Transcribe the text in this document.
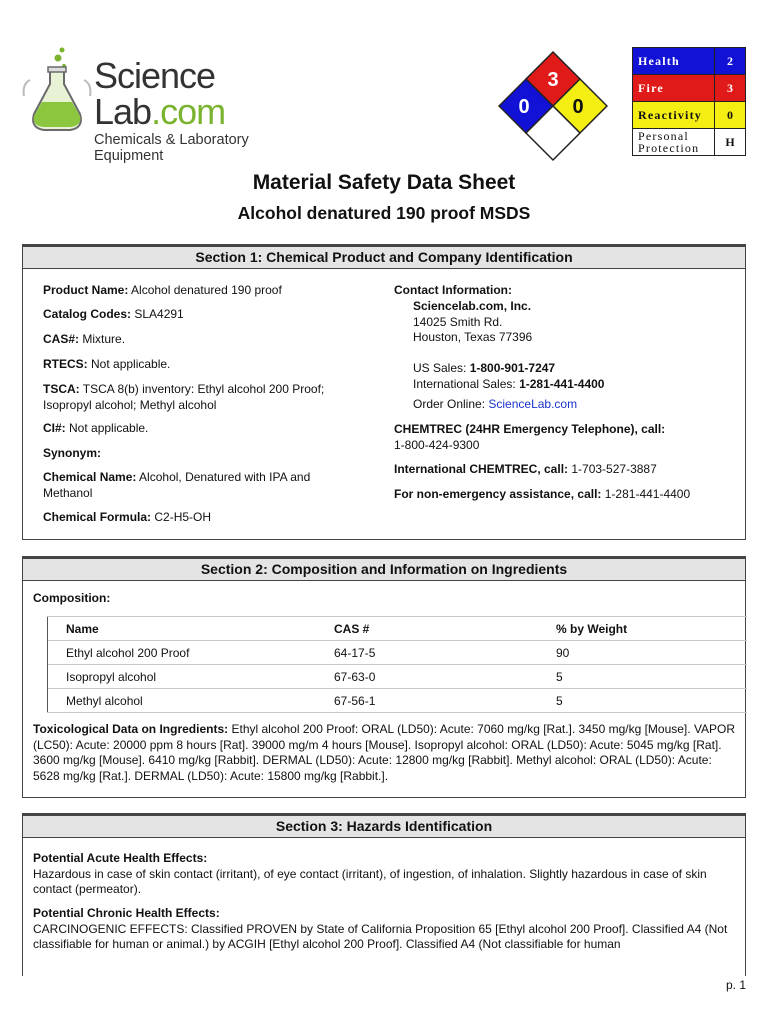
Science Lab.com
Chemicals & Laboratory Equipment
3
0 0
Health	2
Fire	3
Reactivity	0
Personal
Protection	H
Material Safety Data Sheet
Alcohol denatured 190 proof MSDS
Section 1: Chemical Product and Company Identification
Product Name: Alcohol denatured 190 proof
Catalog Codes: SLA4291
CAS#: Mixture.
RTECS: Not applicable.
TSCA: TSCA 8(b) inventory: Ethyl alcohol 200 Proof;
Isopropyl alcohol; Methyl alcohol
CI#: Not applicable.
Synonym:
Chemical Name: Alcohol, Denatured with IPA and
Methanol
Chemical Formula: C2-H5-OH
Contact Information:
Sciencelab.com, Inc.
14025 Smith Rd.
Houston, Texas 77396
US Sales: 1-800-901-7247
International Sales: 1-281-441-4400
Order Online: ScienceLab.com
CHEMTREC (24HR Emergency Telephone), call:
1-800-424-9300
International CHEMTREC, call: 1-703-527-3887
For non-emergency assistance, call: 1-281-441-4400
Section 2: Composition and Information on Ingredients
Composition:
Name	CAS #	% by Weight
Ethyl alcohol 200 Proof	64-17-5	90
Isopropyl alcohol	67-63-0	5
Methyl alcohol	67-56-1	5
Toxicological Data on Ingredients: Ethyl alcohol 200 Proof: ORAL (LD50): Acute: 7060 mg/kg [Rat.]. 3450 mg/kg [Mouse]. VAPOR (LC50): Acute: 20000 ppm 8 hours [Rat]. 39000 mg/m 4 hours [Mouse]. Isopropyl alcohol: ORAL (LD50): Acute: 5045 mg/kg [Rat]. 3600 mg/kg [Mouse]. 6410 mg/kg [Rabbit]. DERMAL (LD50): Acute: 12800 mg/kg [Rabbit]. Methyl alcohol: ORAL (LD50): Acute: 5628 mg/kg [Rat.]. DERMAL (LD50): Acute: 15800 mg/kg [Rabbit.].
Section 3: Hazards Identification
Potential Acute Health Effects:
Hazardous in case of skin contact (irritant), of eye contact (irritant), of ingestion, of inhalation. Slightly hazardous in case of skin contact (permeator).
Potential Chronic Health Effects:
CARCINOGENIC EFFECTS: Classified PROVEN by State of California Proposition 65 [Ethyl alcohol 200 Proof]. Classified A4 (Not classifiable for human or animal.) by ACGIH [Ethyl alcohol 200 Proof]. Classified A4 (Not classifiable for human
p. 1
